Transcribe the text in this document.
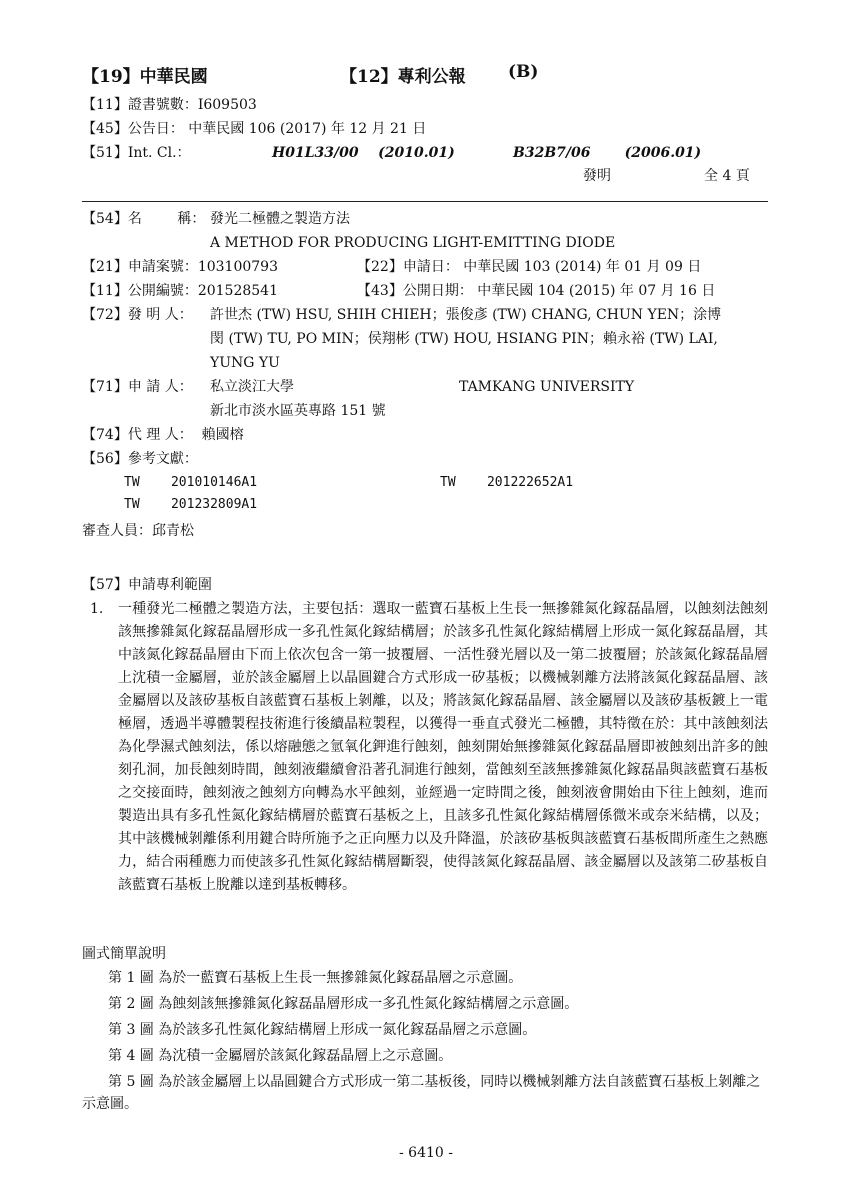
【19】中華民國	【12】專利公報 (B)
【11】證書號數：I609503
【45】公告日： 中華民國 106 (2017) 年 12 月 21 日
【51】Int. Cl.：	H01L33/00    (2010.01)	B32B7/06       (2006.01)
發明	全 4 頁
【54】名        稱： 發光二極體之製造方法
A METHOD FOR PRODUCING LIGHT-EMITTING DIODE
【21】申請案號：103100793	【22】申請日： 中華民國 103 (2014) 年 01 月 09 日
【11】公開編號：201528541	【43】公開日期： 中華民國 104 (2015) 年 07 月 16 日
【72】發 明 人： 許世杰 (TW) HSU, SHIH CHIEH；張俊彥 (TW) CHANG, CHUN YEN；涂博
閔 (TW) TU, PO MIN；侯翔彬 (TW) HOU, HSIANG PIN；賴永裕 (TW) LAI,
YUNG YU
【71】申 請 人： 私立淡江大學	TAMKANG UNIVERSITY
新北市淡水區英專路 151 號
【74】代 理 人：  賴國榕
【56】參考文獻：
TW    201010146A1	TW    201222652A1
TW    201232809A1
審查人員：邱青松
【57】申請專利範圍
1. 一種發光二極體之製造方法，主要包括：選取一藍寶石基板上生長一無摻雜氮化鎵磊晶層，以蝕刻法蝕刻該無摻雜氮化鎵磊晶層形成一多孔性氮化鎵結構層；於該多孔性氮化鎵結構層上形成一氮化鎵磊晶層，其中該氮化鎵磊晶層由下而上依次包含一第一披覆層、一活性發光層以及一第二披覆層；於該氮化鎵磊晶層上沈積一金屬層，並於該金屬層上以晶圓鍵合方式形成一矽基板；以機械剝離方法將該氮化鎵磊晶層、該金屬層以及該矽基板自該藍寶石基板上剝離，以及；將該氮化鎵磊晶層、該金屬層以及該矽基板鍍上一電極層，透過半導體製程技術進行後續晶粒製程，以獲得一垂直式發光二極體，其特徵在於：其中該蝕刻法為化學濕式蝕刻法，係以熔融態之氫氧化鉀進行蝕刻，蝕刻開始無摻雜氮化鎵磊晶層即被蝕刻出許多的蝕刻孔洞，加長蝕刻時間，蝕刻液繼續會沿著孔洞進行蝕刻，當蝕刻至該無摻雜氮化鎵磊晶與該藍寶石基板之交接面時，蝕刻液之蝕刻方向轉為水平蝕刻，並經過一定時間之後，蝕刻液會開始由下往上蝕刻，進而製造出具有多孔性氮化鎵結構層於藍寶石基板之上，且該多孔性氮化鎵結構層係微米或奈米結構，以及；其中該機械剝離係利用鍵合時所施予之正向壓力以及升降溫，於該矽基板與該藍寶石基板間所產生之熱應力，結合兩種應力而使該多孔性氮化鎵結構層斷裂，使得該氮化鎵磊晶層、該金屬層以及該第二矽基板自該藍寶石基板上脫離以達到基板轉移。
圖式簡單說明
第 1 圖 為於一藍寶石基板上生長一無摻雜氮化鎵磊晶層之示意圖。
第 2 圖 為蝕刻該無摻雜氮化鎵磊晶層形成一多孔性氮化鎵結構層之示意圖。
第 3 圖 為於該多孔性氮化鎵結構層上形成一氮化鎵磊晶層之示意圖。
第 4 圖 為沈積一金屬層於該氮化鎵磊晶層上之示意圖。
第 5 圖 為於該金屬層上以晶圓鍵合方式形成一第二基板後，同時以機械剝離方法自該藍寶石基板上剝離之示意圖。
- 6410 -
